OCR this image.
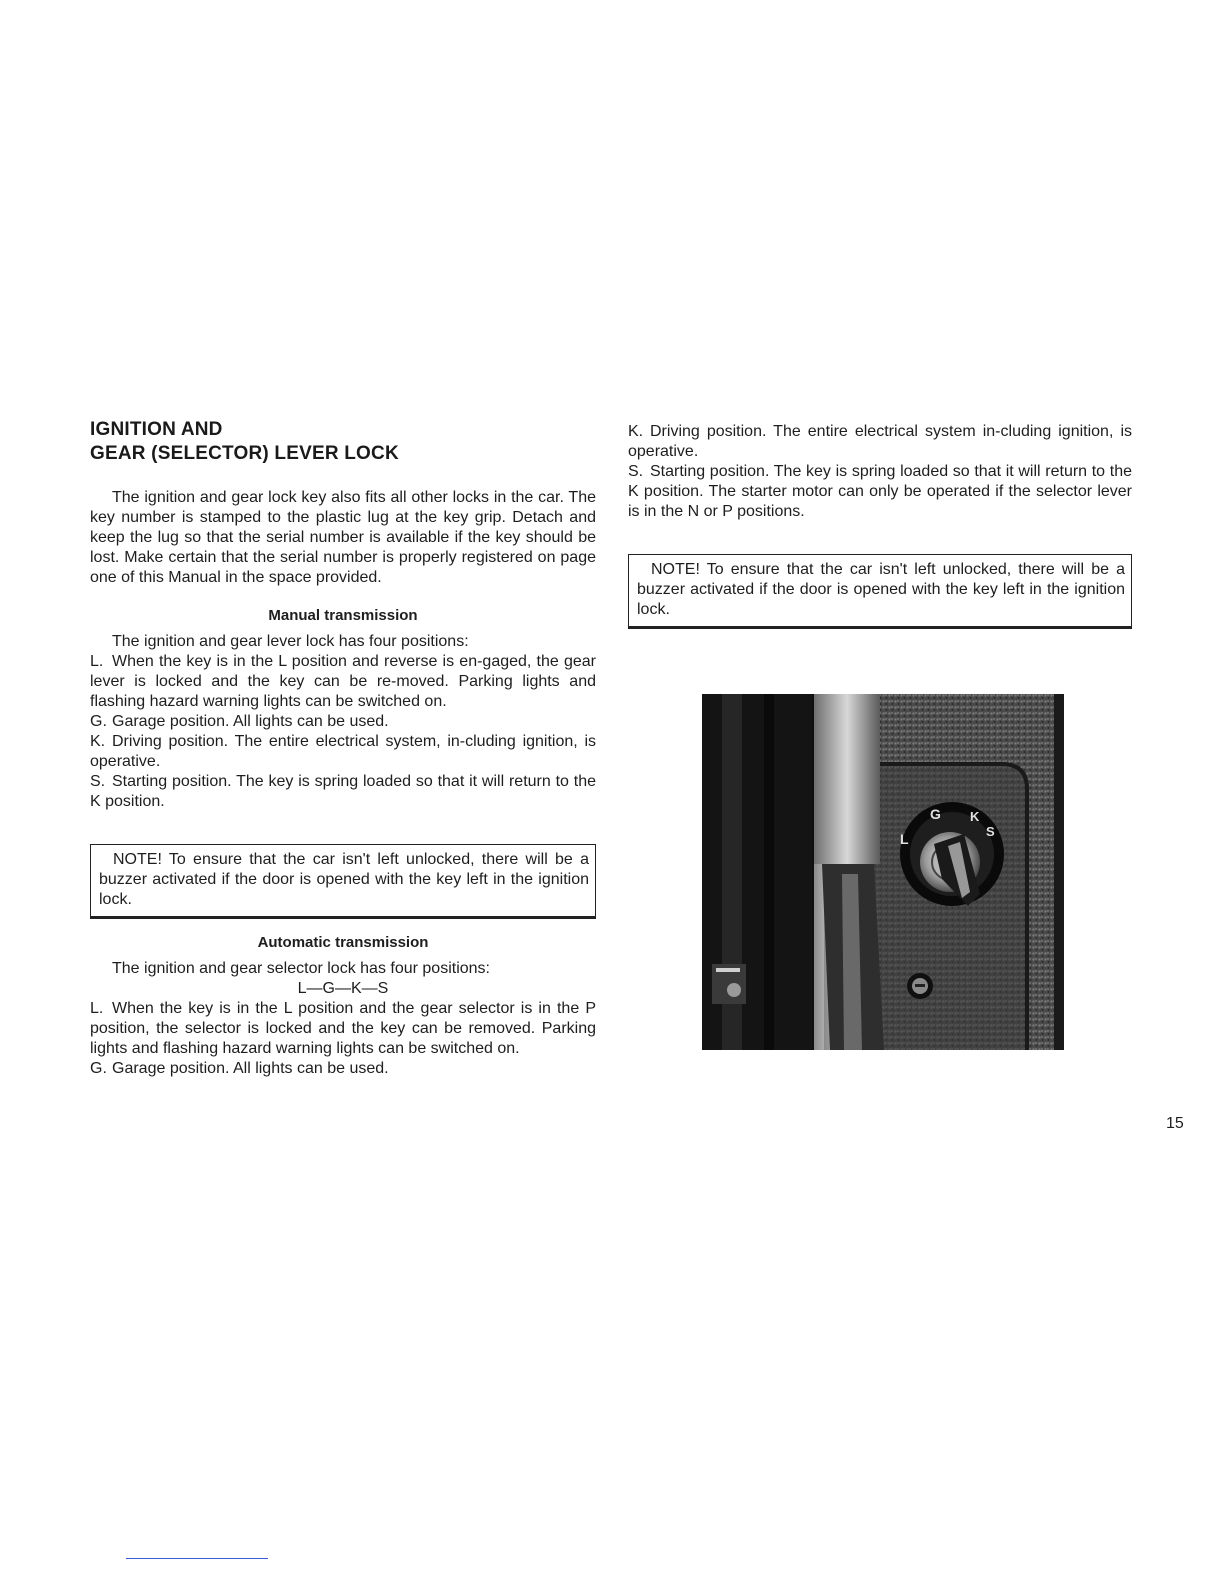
IGNITION AND
GEAR (SELECTOR) LEVER LOCK

The ignition and gear lock key also fits all other locks in the car. The key number is stamped to the plastic lug at the key grip. Detach and keep the lug so that the serial number is available if the key should be lost. Make certain that the serial number is properly registered on page one of this Manual in the space provided.

Manual transmission

The ignition and gear lever lock has four positions:

L. When the key is in the L position and reverse is en-gaged, the gear lever is locked and the key can be re-moved. Parking lights and flashing hazard warning lights can be switched on.
G. Garage position. All lights can be used.
K. Driving position. The entire electrical system, in-cluding ignition, is operative.
S. Starting position. The key is spring loaded so that it will return to the K position.

NOTE! To ensure that the car isn't left unlocked, there will be a buzzer activated if the door is opened with the key left in the ignition lock.

Automatic transmission

The ignition and gear selector lock has four positions:

L—G—K—S

L. When the key is in the L position and the gear selector is in the P position, the selector is locked and the key can be removed. Parking lights and flashing hazard warning lights can be switched on.
G. Garage position. All lights can be used.
K. Driving position. The entire electrical system in-cluding ignition, is operative.
S. Starting position. The key is spring loaded so that it will return to the K position. The starter motor can only be operated if the selector lever is in the N or P positions.

NOTE! To ensure that the car isn't left unlocked, there will be a buzzer activated if the door is opened with the key left in the ignition lock.

G K
L	S
15
